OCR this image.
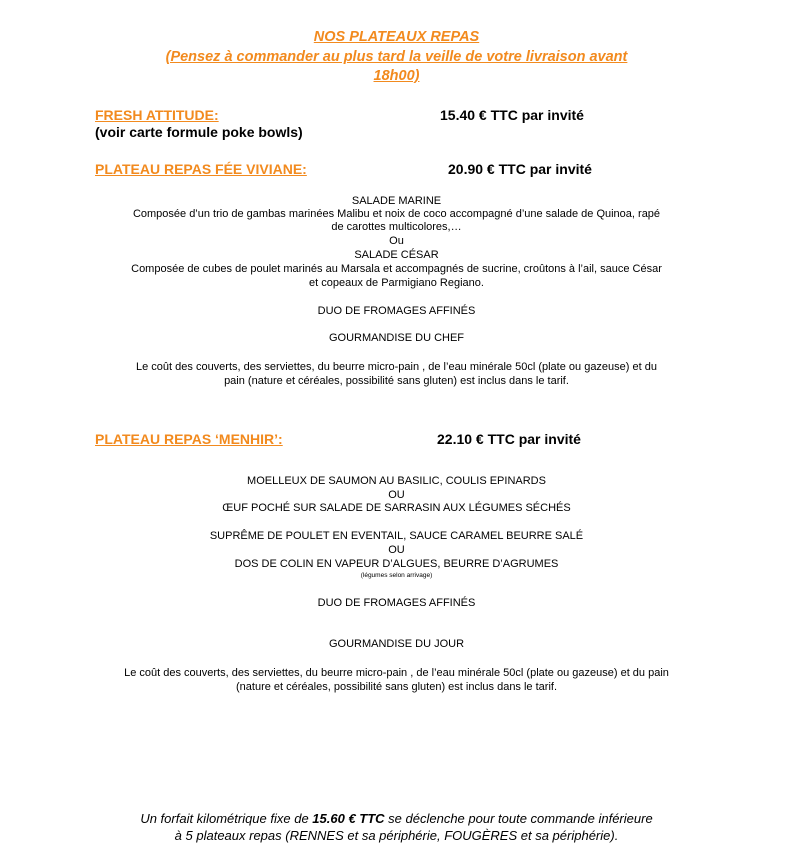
NOS PLATEAUX REPAS
(Pensez à commander au plus tard la veille de votre livraison avant
18h00)
FRESH ATTITUDE:	15.40 € TTC par invité
(voir carte formule poke bowls)
PLATEAU REPAS FÉE VIVIANE:	20.90 € TTC par invité
SALADE MARINE
Composée d’un trio de gambas marinées Malibu et noix de coco accompagné d’une salade de Quinoa, rapé
de carottes multicolores,…
Ou
SALADE CÉSAR
Composée de cubes de poulet marinés au Marsala et accompagnés de sucrine, croûtons à l’ail, sauce César
et copeaux de Parmigiano Regiano.
DUO DE FROMAGES AFFINÉS
GOURMANDISE DU CHEF
Le coût des couverts, des serviettes, du beurre micro-pain , de l’eau minérale 50cl (plate ou gazeuse) et du
pain (nature et céréales, possibilité sans gluten) est inclus dans le tarif.
PLATEAU REPAS ‘MENHIR’:	22.10 € TTC par invité
MOELLEUX DE SAUMON AU BASILIC, COULIS EPINARDS
OU
ŒUF POCHÉ SUR SALADE DE SARRASIN AUX LÉGUMES SÉCHÉS
SUPRÊME DE POULET EN EVENTAIL, SAUCE CARAMEL BEURRE SALÉ
OU
DOS DE COLIN EN VAPEUR D’ALGUES, BEURRE D’AGRUMES
(légumes selon arrivage)
DUO DE FROMAGES AFFINÉS
GOURMANDISE DU JOUR
Le coût des couverts, des serviettes, du beurre micro-pain , de l’eau minérale 50cl (plate ou gazeuse) et du pain
(nature et céréales, possibilité sans gluten) est inclus dans le tarif.
Un forfait kilométrique fixe de 15.60 € TTC se déclenche pour toute commande inférieure
à 5 plateaux repas (RENNES et sa périphérie, FOUGÈRES et sa périphérie).
